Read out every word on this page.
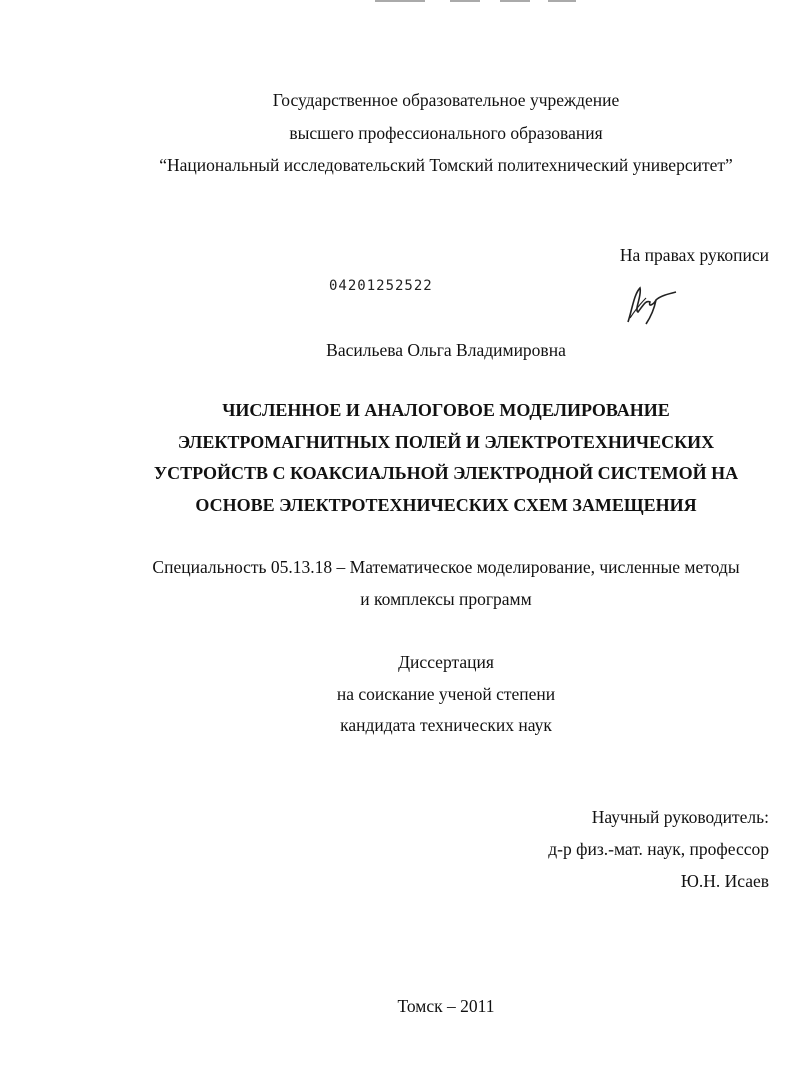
Государственное образовательное учреждение
высшего профессионального образования
“Национальный исследовательский Томский политехнический университет”
На правах рукописи
04201252522
Васильева Ольга Владимировна
ЧИСЛЕННОЕ И АНАЛОГОВОЕ МОДЕЛИРОВАНИЕ
ЭЛЕКТРОМАГНИТНЫХ ПОЛЕЙ И ЭЛЕКТРОТЕХНИЧЕСКИХ
УСТРОЙСТВ С КОАКСИАЛЬНОЙ ЭЛЕКТРОДНОЙ СИСТЕМОЙ НА
ОСНОВЕ ЭЛЕКТРОТЕХНИЧЕСКИХ СХЕМ ЗАМЕЩЕНИЯ
Специальность 05.13.18 – Математическое моделирование, численные методы
и комплексы программ
Диссертация
на соискание ученой степени
кандидата технических наук
Научный руководитель:
д-р физ.-мат. наук, профессор
Ю.Н. Исаев
Томск – 2011
